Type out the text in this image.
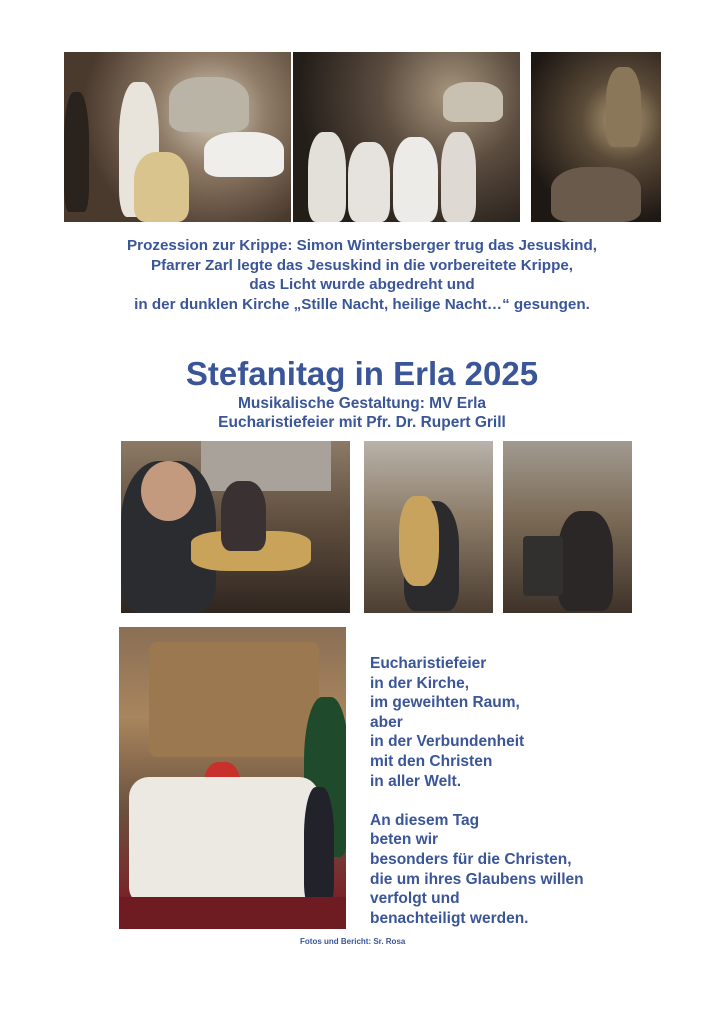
Prozession zur Krippe: Simon Wintersberger trug das Jesuskind,
Pfarrer Zarl legte das Jesuskind in die vorbereitete Krippe,
das Licht wurde abgedreht und
in der dunklen Kirche „Stille Nacht, heilige Nacht…“ gesungen.
Stefanitag in Erla 2025
Musikalische Gestaltung: MV Erla
Eucharistiefeier mit Pfr. Dr. Rupert Grill
Eucharistiefeier
in der Kirche,
im geweihten Raum,
aber
in der Verbundenheit
mit den Christen
in aller Welt.
An diesem Tag
beten wir
besonders für die Christen,
die um ihres Glaubens willen
verfolgt und
benachteiligt werden.
Fotos und Bericht: Sr. Rosa
